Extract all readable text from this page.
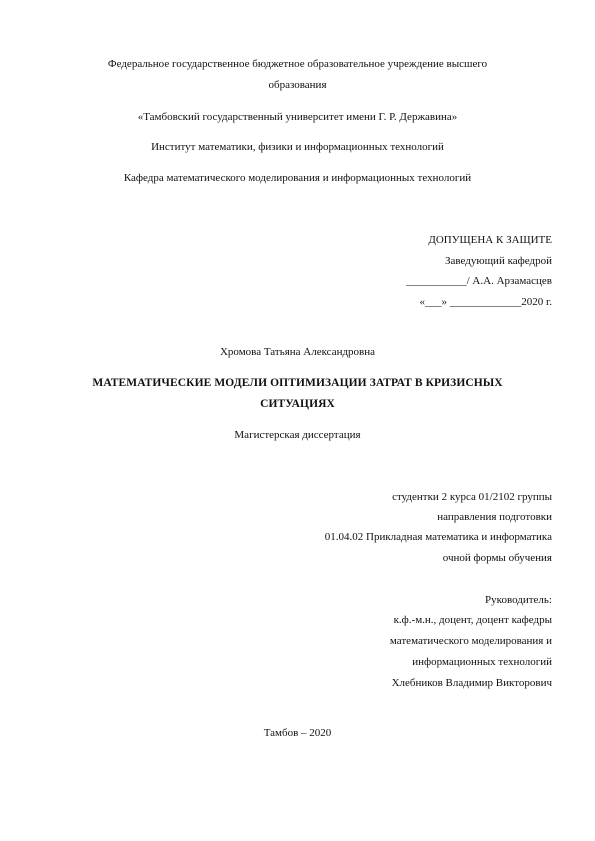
Федеральное государственное бюджетное образовательное учреждение высшего
образования
«Тамбовский государственный университет имени Г. Р. Державина»
Институт математики, физики и информационных технологий
Кафедра математического моделирования и информационных технологий
ДОПУЩЕНА К ЗАЩИТЕ
Заведующий кафедрой
___________/ А.А. Арзамасцев
«___» _____________2020 г.
Хромова Татьяна Александровна
МАТЕМАТИЧЕСКИЕ МОДЕЛИ ОПТИМИЗАЦИИ ЗАТРАТ В КРИЗИСНЫХ
СИТУАЦИЯХ
Магистерская диссертация
студентки 2 курса 01/2102 группы
направления подготовки
01.04.02 Прикладная математика и информатика
очной формы обучения
Руководитель:
к.ф.-м.н., доцент, доцент кафедры
математического моделирования и
информационных технологий
Хлебников Владимир Викторович
Тамбов – 2020
